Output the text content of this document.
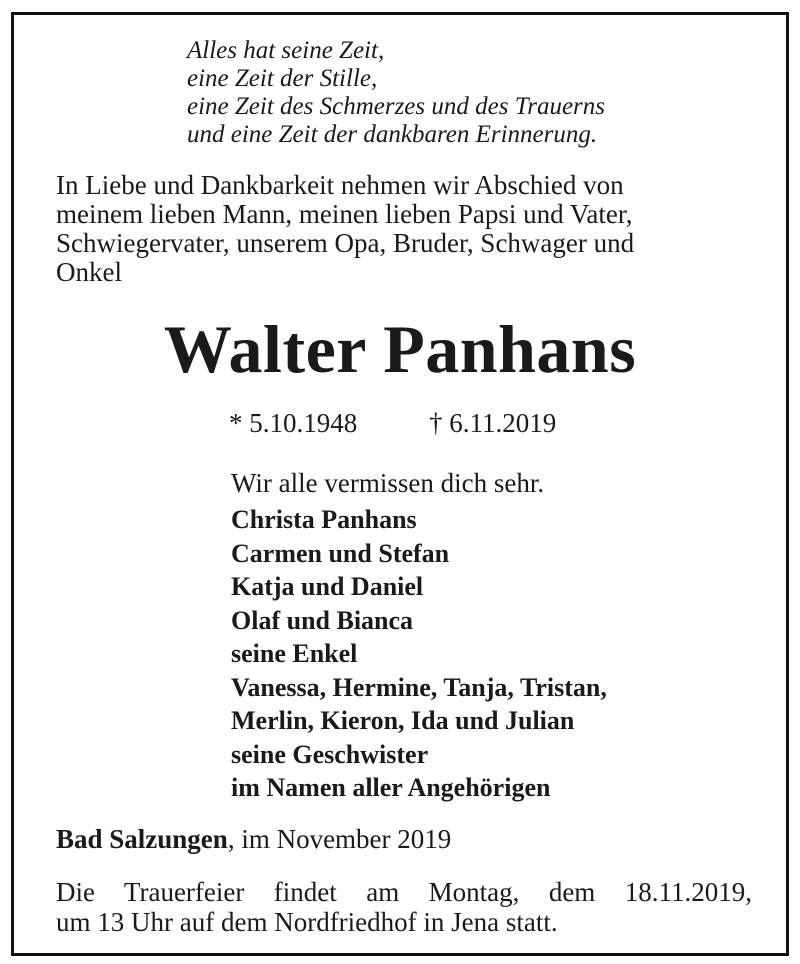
Alles hat seine Zeit,
eine Zeit der Stille,
eine Zeit des Schmerzes und des Trauerns
und eine Zeit der dankbaren Erinnerung.
In Liebe und Dankbarkeit nehmen wir Abschied von
meinem lieben Mann, meinen lieben Papsi und Vater,
Schwiegervater, unserem Opa, Bruder, Schwager und
Onkel
Walter Panhans
* 5.10.1948	† 6.11.2019
Wir alle vermissen dich sehr.
Christa Panhans
Carmen und Stefan
Katja und Daniel
Olaf und Bianca
seine Enkel
Vanessa, Hermine, Tanja, Tristan,
Merlin, Kieron, Ida und Julian
seine Geschwister
im Namen aller Angehörigen
Bad Salzungen, im November 2019
Die Trauerfeier findet am Montag, dem 18.11.2019,
um 13 Uhr auf dem Nordfriedhof in Jena statt.
